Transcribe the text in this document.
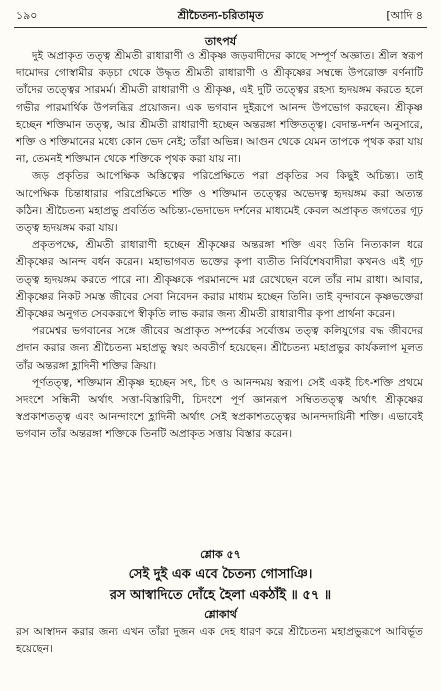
১৯০	শ্রীচৈতন্য-চরিতামৃত	[আদি ৪
তাৎপর্য

দুই অপ্রাকৃত তত্ত্ব শ্রীমতী রাধারাণী ও শ্রীকৃষ্ণ জড়বাদীদের কাছে সম্পূর্ণ অজ্ঞাত। শ্রীল স্বরূপ দামোদর গোস্বামীর কড়চা থেকে উদ্ধৃত শ্রীমতী রাধারাণী ও শ্রীকৃষ্ণের সম্বন্ধে উপরোক্ত বর্ণনাটি তাঁদের তত্ত্বের সারমর্ম। শ্রীমতী রাধারাণী ও শ্রীকৃষ্ণ, এই দুটি তত্ত্বের রহস্য হৃদয়ঙ্গম করতে হলে গভীর পারমার্থিক উপলব্ধির প্রয়োজন। এক ভগবান দুইরূপে আনন্দ উপভোগ করছেন। শ্রীকৃষ্ণ হচ্ছেন শক্তিমান তত্ত্ব, আর শ্রীমতী রাধারাণী হচ্ছেন অন্তরঙ্গা শক্তিতত্ত্ব। বেদান্ত-দর্শন অনুসারে, শক্তি ও শক্তিমানের মধ্যে কোন ভেদ নেই; তাঁরা অভিন্ন। আগুন থেকে যেমন তাপকে পৃথক করা যায় না, তেমনই শক্তিমান থেকে শক্তিকে পৃথক করা যায় না।

জড় প্রকৃতির আপেক্ষিক অস্তিত্বের পরিপ্রেক্ষিতে পরা প্রকৃতির সব কিছুই অচিন্ত্য। তাই আপেক্ষিক চিন্তাধারার পরিপ্রেক্ষিতে শক্তি ও শক্তিমান তত্ত্বের অভেদত্ব হৃদয়ঙ্গম করা অত্যন্ত কঠিন। শ্রীচৈতন্য মহাপ্রভু প্রবর্তিত অচিন্ত্য-ভেদাভেদ দর্শনের মাধ্যমেই কেবল অপ্রাকৃত জগতের গূঢ় তত্ত্ব হৃদয়ঙ্গম করা যায়।

প্রকৃতপক্ষে, শ্রীমতী রাধারাণী হচ্ছেন শ্রীকৃষ্ণের অন্তরঙ্গা শক্তি এবং তিনি নিত্যকাল ধরে শ্রীকৃষ্ণের আনন্দ বর্ধন করেন। মহাভাগবত ভক্তের কৃপা ব্যতীত নির্বিশেষবাদীরা কখনও এই গূঢ় তত্ত্ব হৃদয়ঙ্গম করতে পারে না। শ্রীকৃষ্ণকে পরমানন্দে মগ্ন রেখেছেন বলে তাঁর নাম রাধা। আবার, শ্রীকৃষ্ণের নিকট সমস্ত জীবের সেবা নিবেদন করার মাধ্যম হচ্ছেন তিনি। তাই বৃন্দাবনে কৃষ্ণভক্তেরা শ্রীকৃষ্ণের অনুগত সেবকরূপে স্বীকৃতি লাভ করার জন্য শ্রীমতী রাধারাণীর কৃপা প্রার্থনা করেন।

পরমেশ্বর ভগবানের সঙ্গে জীবের অপ্রাকৃত সম্পর্কের সর্বোত্তম তত্ত্ব কলিযুগের বদ্ধ জীবদের প্রদান করার জন্য শ্রীচৈতন্য মহাপ্রভু স্বয়ং অবতীর্ণ হয়েছেন। শ্রীচৈতন্য মহাপ্রভুর কার্যকলাপ মূলত তাঁর অন্তরঙ্গা হ্লাদিনী শক্তির ক্রিয়া।

পূর্ণতত্ত্ব, শক্তিমান শ্রীকৃষ্ণ হচ্ছেন সৎ, চিৎ ও আনন্দময় স্বরূপ। সেই একই চিৎ-শক্তি প্রথমে সদংশে সন্ধিনী অর্থাৎ সত্তা-বিস্তারিণী, চিদংশে পূর্ণ জ্ঞানরূপ সম্বিততত্ত্ব অর্থাৎ শ্রীকৃষ্ণের স্বপ্রকাশতত্ত্ব এবং আনন্দাংশে হ্লাদিনী অর্থাৎ সেই স্বপ্রকাশতত্ত্বের আনন্দদায়িনী শক্তি। এভাবেই ভগবান তাঁর অন্তরঙ্গা শক্তিকে তিনটি অপ্রাকৃত সত্তায় বিস্তার করেন।

শ্লোক ৫৭
সেই দুই এক এবে চৈতন্য গোসাঞি।
রস আস্বাদিতে দোঁহে হৈলা একঠাঁই ॥ ৫৭ ॥
শ্লোকার্থ
রস আস্বাদন করার জন্য এখন তাঁরা দুজন এক দেহ ধারণ করে শ্রীচৈতন্য মহাপ্রভুরূপে আবির্ভূত হয়েছেন।
